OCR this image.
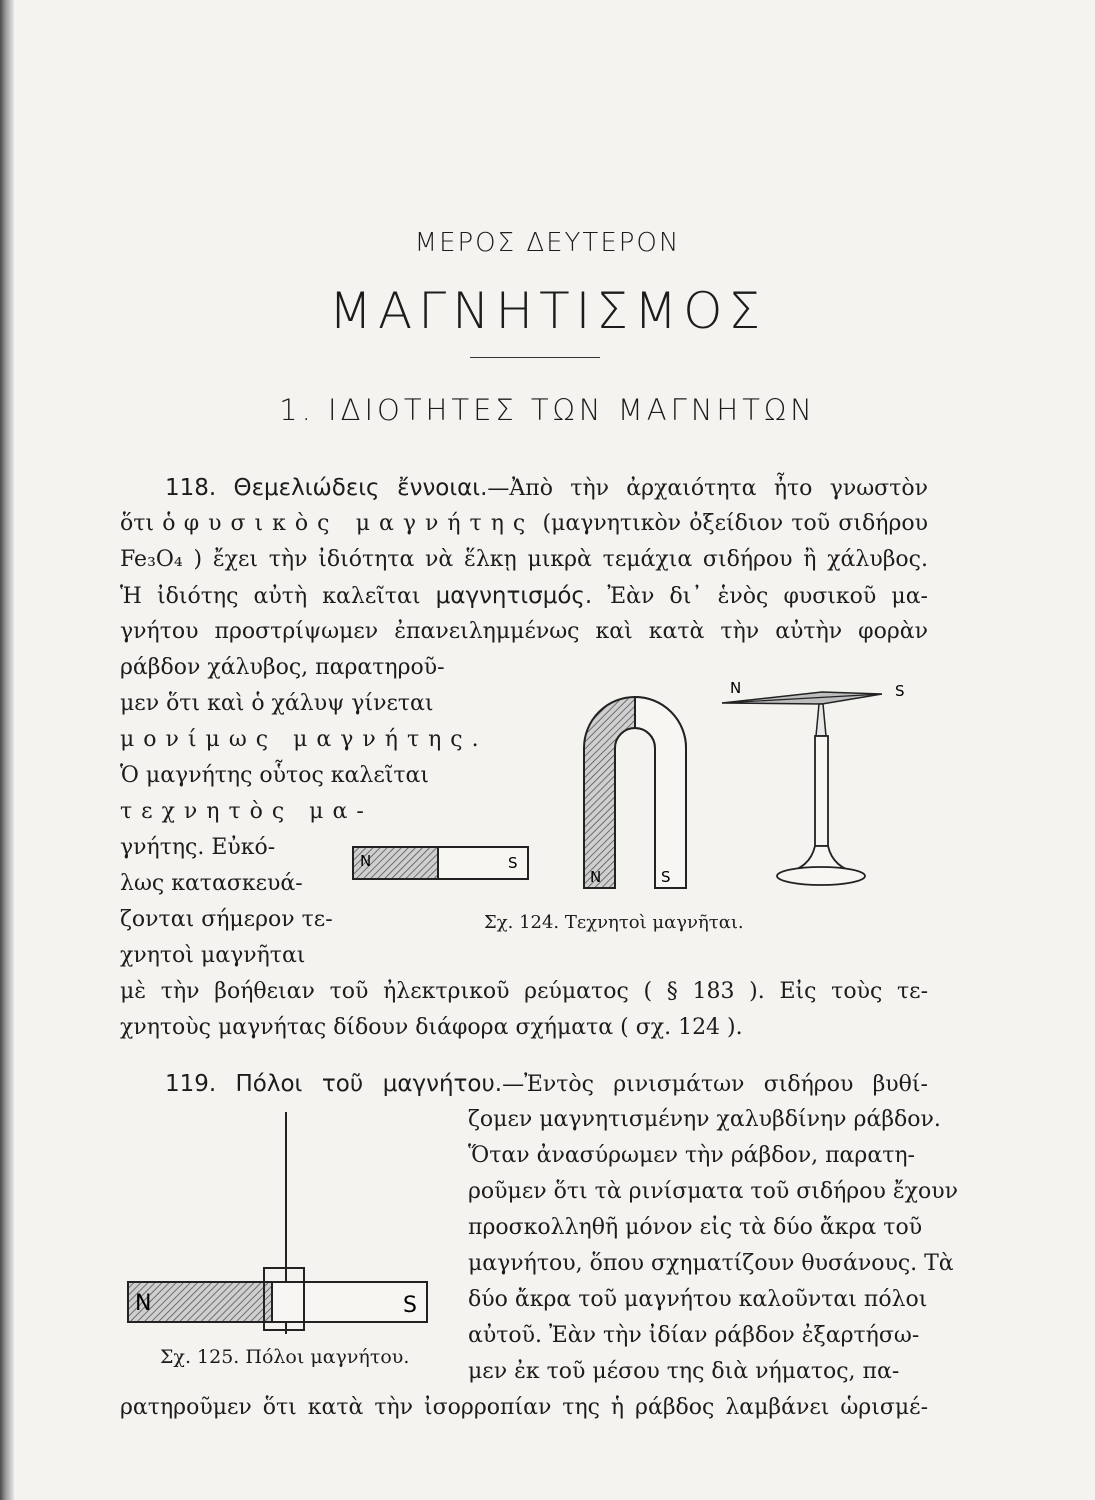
ΜΕΡΟΣ ΔΕΥΤΕΡΟΝ
ΜΑΓΝΗΤΙΣΜΟΣ
1. ΙΔΙΟΤΗΤΕΣ ΤΩΝ ΜΑΓΝΗΤΩΝ
118. Θεμελιώδεις ἔννοιαι.—Ἀπὸ τὴν ἀρχαιότητα ἦτο γνωστὸν
ὅτι ὁ φυσικὸς μαγνήτης (μαγνητικὸν ὀξείδιον τοῦ σιδήρου
Fe₃O₄ ) ἔχει τὴν ἰδιότητα νὰ ἕλκῃ μικρὰ τεμάχια σιδήρου ἢ χάλυβος.
Ἡ ἰδιότης αὐτὴ καλεῖται μαγνητισμός. Ἐὰν δι᾿ ἑνὸς φυσικοῦ μα-
γνήτου προστρίψωμεν ἐπανειλημμένως καὶ κατὰ τὴν αὐτὴν φορὰν
ράβδον χάλυβος, παρατηροῦ-
μεν ὅτι καὶ ὁ χάλυψ γίνεται
μονίμως μαγνήτης.
Ὁ μαγνήτης οὗτος καλεῖται
τεχνητὸς μα-
γνήτης. Εὐκό-
λως κατασκευά-
ζονται σήμερον τε-
χνητοὶ μαγνῆται
μὲ τὴν βοήθειαν τοῦ ἠλεκτρικοῦ ρεύματος ( § 183 ). Εἰς τοὺς τε-
χνητοὺς μαγνήτας δίδουν διάφορα σχήματα ( σχ. 124 ).
N	S
N	S
N	S
Σχ. 124. Τεχνητοὶ μαγνῆται.
119. Πόλοι τοῦ μαγνήτου.—Ἐντὸς ρινισμάτων σιδήρου βυθί-
ζομεν μαγνητισμένην χαλυβδίνην ράβδον.
Ὅταν ἀνασύρωμεν τὴν ράβδον, παρατη-
ροῦμεν ὅτι τὰ ρινίσματα τοῦ σιδήρου ἔχουν
προσκολληθῆ μόνον εἰς τὰ δύο ἄκρα τοῦ
μαγνήτου, ὅπου σχηματίζουν θυσάνους. Τὰ
δύο ἄκρα τοῦ μαγνήτου καλοῦνται πόλοι
αὐτοῦ. Ἐὰν τὴν ἰδίαν ράβδον ἐξαρτήσω-
μεν ἐκ τοῦ μέσου της διὰ νήματος, πα-
ρατηροῦμεν ὅτι κατὰ τὴν ἰσορροπίαν της ἡ ράβδος λαμβάνει ὡρισμέ-
N	S
Σχ. 125. Πόλοι μαγνήτου.
